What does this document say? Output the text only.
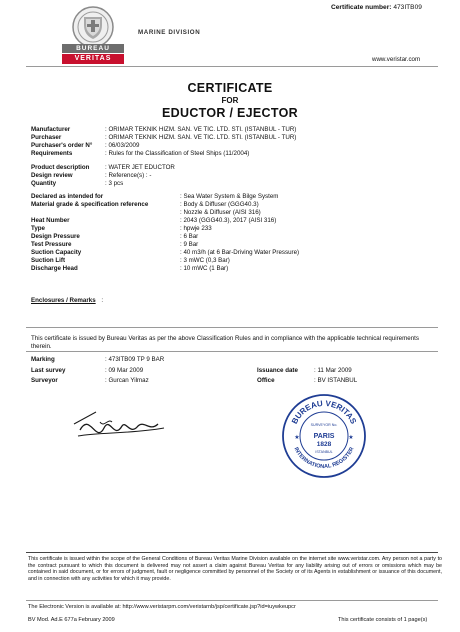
BUREAU
VERITAS
MARINE DIVISION
Certificate number: 473ITB09
www.veristar.com
CERTIFICATE
FOR
EDUCTOR / EJECTOR
Manufacturer	: ORIMAR TEKNIK HIZM. SAN. VE TIC. LTD. STI. (ISTANBUL - TUR)
Purchaser	: ORIMAR TEKNIK HIZM. SAN. VE TIC. LTD. STI. (ISTANBUL - TUR)
Purchaser's order N° : 06/03/2009
Requirements	: Rules for the Classification of Steel Ships (11/2004)
Product description	: WATER JET EDUCTOR
Design review	: Reference(s) : -
Quantity	: 3 pcs
Declared as intended for	: Sea Water System & Bilge System
Material grade & specification reference	: Body & Diffuser (GGG40.3)
: Nozzle & Diffuser (AISI 316)
Heat Number	: 2043 (GGG40.3), 2017 (AISI 316)
Type	: hpwje 233
Design Pressure	: 6 Bar
Test Pressure	: 9 Bar
Suction Capacity	: 40 m3/h (at 6 Bar-Driving Water Pressure)
Suction Lift	: 3 mWC (0,3 Bar)
Discharge Head	: 10 mWC (1 Bar)
Enclosures / Remarks :
This certificate is issued by Bureau Veritas as per the above Classification Rules and in compliance with the applicable technical requirements therein.
Marking	: 473ITB09 TP 9 BAR
Last survey	: 09 Mar 2009
Surveyor	: Gurcan Yilmaz
Issuance date	: 11 Mar 2009
Office	: BV ISTANBUL
BUREAU VERITAS
INTERNATIONAL REGISTER
SURVEYOR No.
PARIS
1828
ISTANBUL
★	★
This certificate is issued within the scope of the General Conditions of Bureau Veritas Marine Division available on the internet site www.veristar.com. Any person not a party to the contract pursuant to which this document is delivered may not assert a claim against Bureau Veritas for any liability arising out of errors or omissions which may be contained in said document, or for errors of judgment, fault or negligence committed by personnel of the Society or of its Agents in establishment or issuance of this document, and in connection with any activities for which it may provide.
The Electronic Version is available at: http://www.veristarpm.com/veristarnb/jsp/certificate.jsp?id=iuywkeupcr
BV Mod. Ad.E 677a February 2009	This certificate consists of 1 page(s)
